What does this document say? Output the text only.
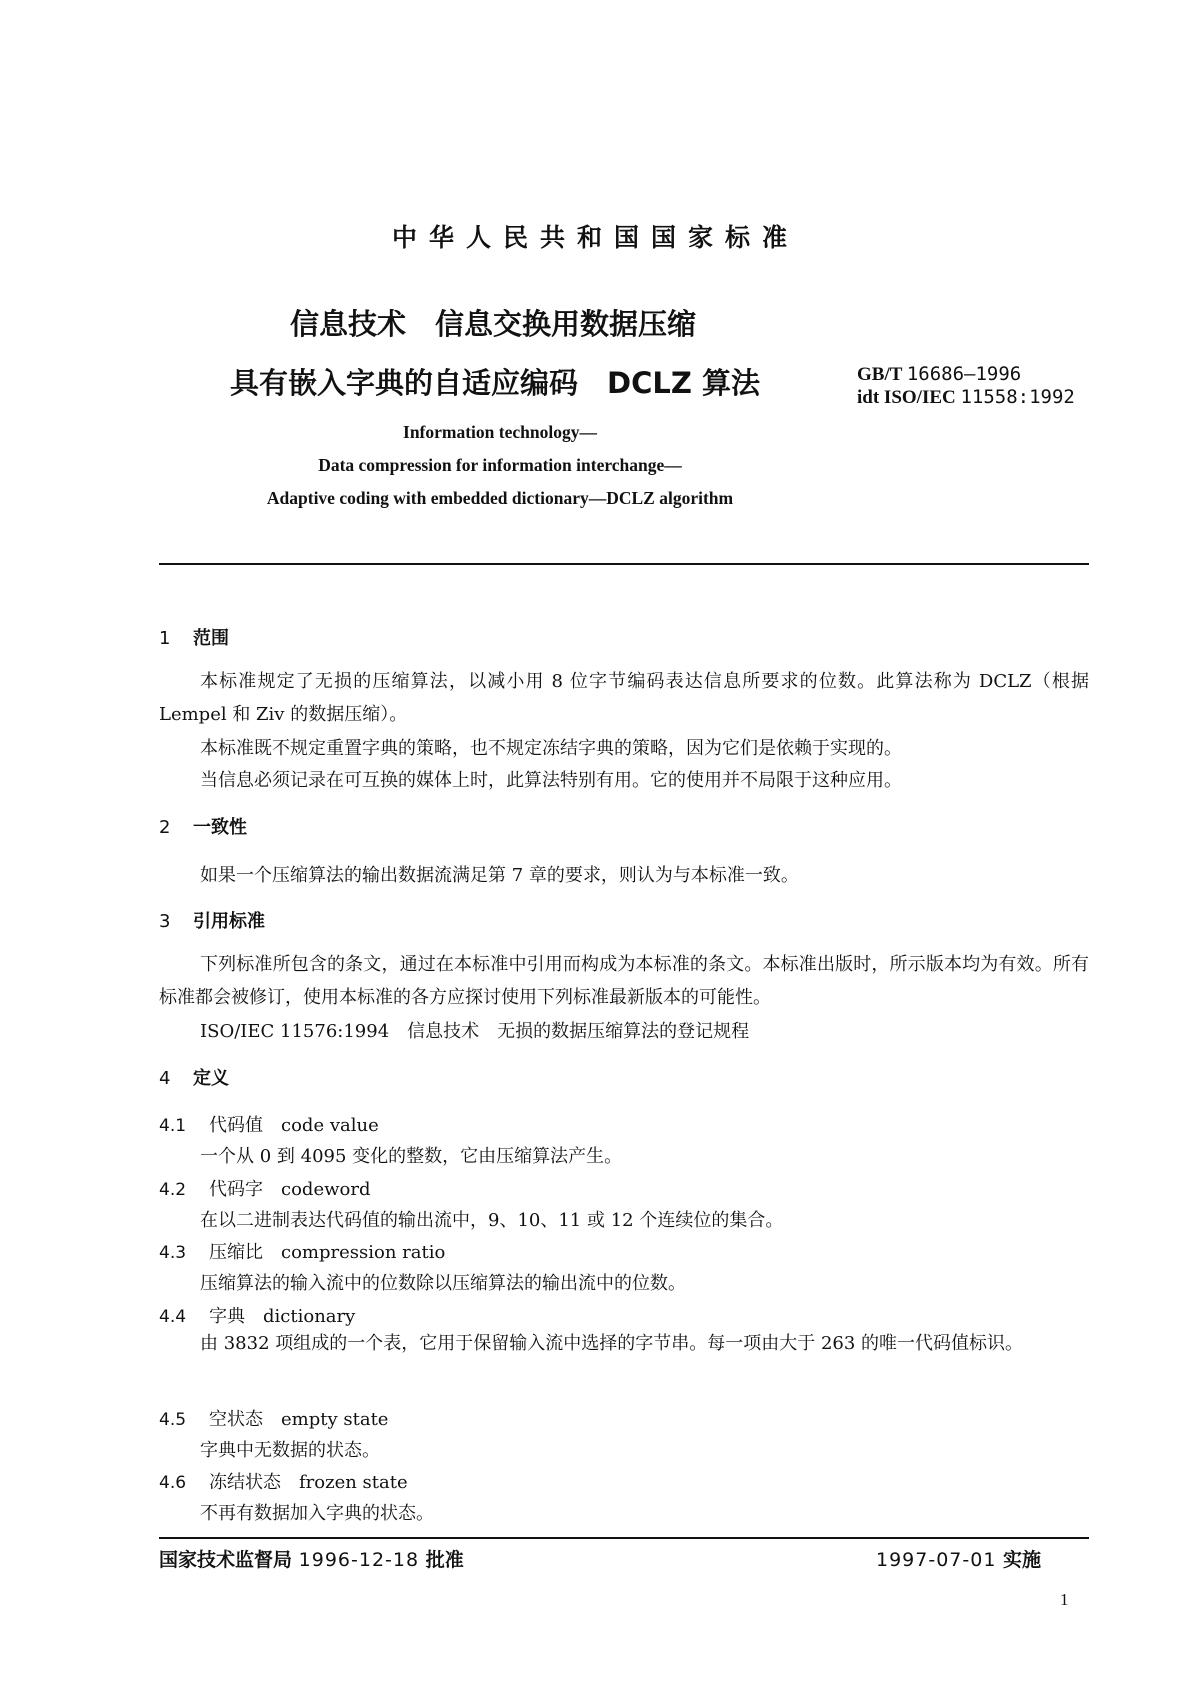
中华人民共和国国家标准
信息技术　信息交换用数据压缩
具有嵌入字典的自适应编码　DCLZ 算法	GB/T 16686—1996
idt ISO/IEC 11558:1992
Information technology—
Data compression for information interchange—
Adaptive coding with embedded dictionary—DCLZ algorithm
1 范围
本标准规定了无损的压缩算法，以减小用 8 位字节编码表达信息所要求的位数。此算法称为 DCLZ（根据 Lempel 和 Ziv 的数据压缩）。
本标准既不规定重置字典的策略，也不规定冻结字典的策略，因为它们是依赖于实现的。
当信息必须记录在可互换的媒体上时，此算法特别有用。它的使用并不局限于这种应用。
2 一致性
如果一个压缩算法的输出数据流满足第 7 章的要求，则认为与本标准一致。
3 引用标准
下列标准所包含的条文，通过在本标准中引用而构成为本标准的条文。本标准出版时，所示版本均为有效。所有标准都会被修订，使用本标准的各方应探讨使用下列标准最新版本的可能性。
ISO/IEC 11576:1994　信息技术　无损的数据压缩算法的登记规程
4 定义
4.1 代码值 code value
一个从 0 到 4095 变化的整数，它由压缩算法产生。
4.2 代码字 codeword
在以二进制表达代码值的输出流中，9、10、11 或 12 个连续位的集合。
4.3 压缩比 compression ratio
压缩算法的输入流中的位数除以压缩算法的输出流中的位数。
4.4 字典 dictionary
由 3832 项组成的一个表，它用于保留输入流中选择的字节串。每一项由大于 263 的唯一代码值标识。
4.5 空状态 empty state
字典中无数据的状态。
4.6 冻结状态 frozen state
不再有数据加入字典的状态。
国家技术监督局 1996-12-18 批准	1997-07-01 实施
1
